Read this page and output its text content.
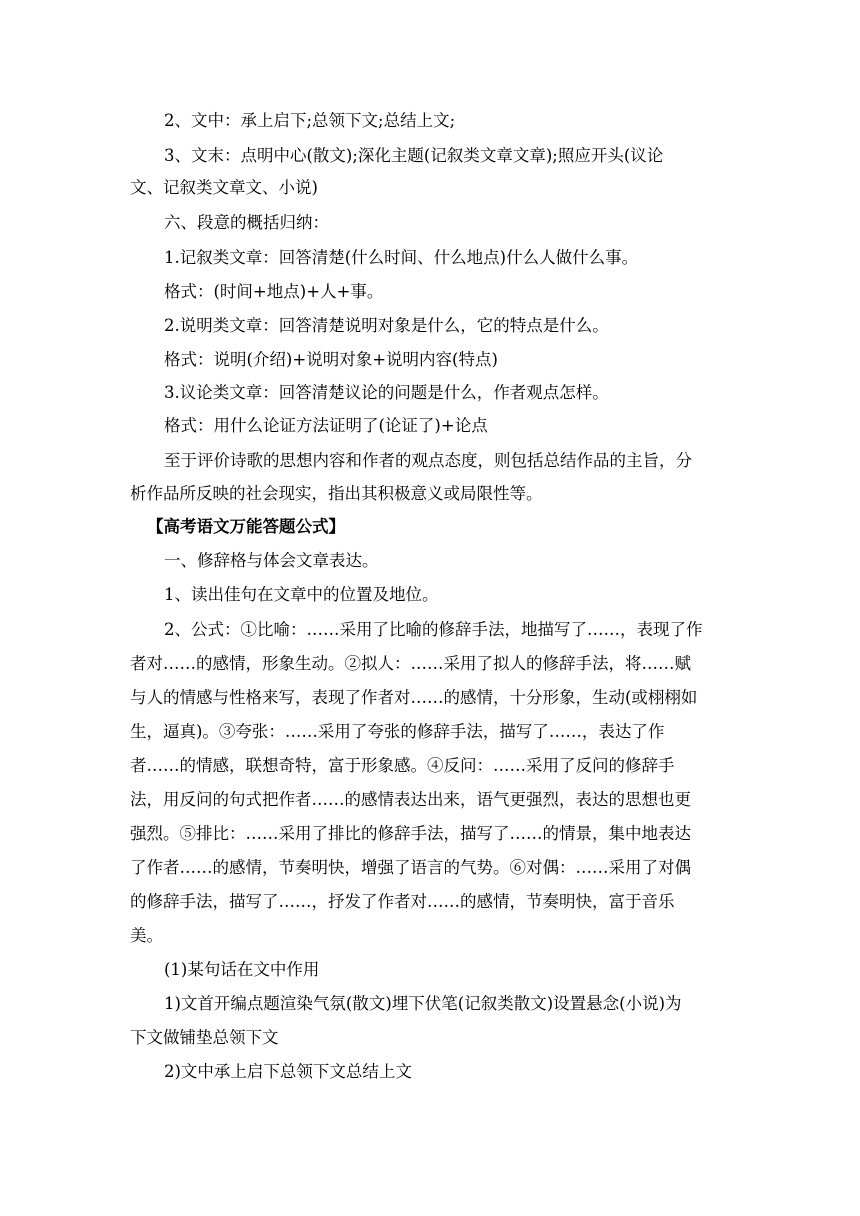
2、文中：承上启下;总领下文;总结上文;
3、文末：点明中心(散文);深化主题(记叙类文章文章);照应开头(议论
文、记叙类文章文、小说)
六、段意的概括归纳：
1.记叙类文章：回答清楚(什么时间、什么地点)什么人做什么事。
格式：(时间+地点)+人+事。
2.说明类文章：回答清楚说明对象是什么，它的特点是什么。
格式：说明(介绍)+说明对象+说明内容(特点)
3.议论类文章：回答清楚议论的问题是什么，作者观点怎样。
格式：用什么论证方法证明了(论证了)+论点
至于评价诗歌的思想内容和作者的观点态度，则包括总结作品的主旨，分
析作品所反映的社会现实，指出其积极意义或局限性等。
【高考语文万能答题公式】
一、修辞格与体会文章表达。
1、读出佳句在文章中的位置及地位。
2、公式：①比喻：……采用了比喻的修辞手法，地描写了……，表现了作
者对……的感情，形象生动。②拟人：……采用了拟人的修辞手法，将……赋
与人的情感与性格来写，表现了作者对……的感情，十分形象，生动(或栩栩如
生，逼真)。③夸张：……采用了夸张的修辞手法，描写了……，表达了作
者……的情感，联想奇特，富于形象感。④反问：……采用了反问的修辞手
法，用反问的句式把作者……的感情表达出来，语气更强烈，表达的思想也更
强烈。⑤排比：……采用了排比的修辞手法，描写了……的情景，集中地表达
了作者……的感情，节奏明快，增强了语言的气势。⑥对偶：……采用了对偶
的修辞手法，描写了……，抒发了作者对……的感情，节奏明快，富于音乐
美。
(1)某句话在文中作用
1)文首开编点题渲染气氛(散文)埋下伏笔(记叙类散文)设置悬念(小说)为
下文做铺垫总领下文
2)文中承上启下总领下文总结上文
